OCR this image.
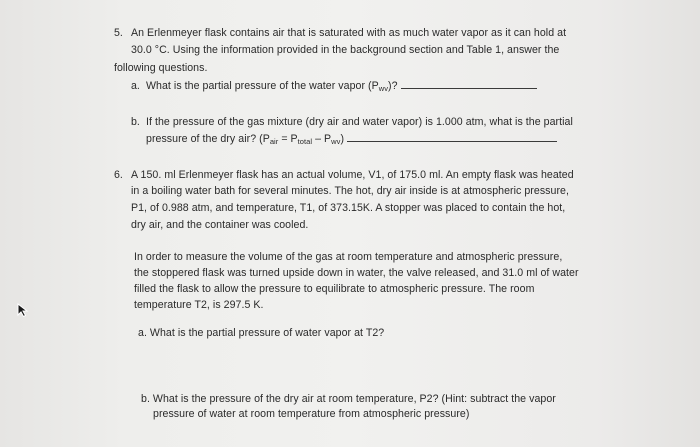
5. An Erlenmeyer flask contains air that is saturated with as much water vapor as it can hold at
30.0 °C. Using the information provided in the background section and Table 1, answer the
following questions.
a. What is the partial pressure of the water vapor $(P_{wv})$?
b. If the pressure of the gas mixture (dry air and water vapor) is 1.000 atm, what is the partial
pressure of the dry air? $(P_{air} = P_{total} - P_{wv})$
6. A 150. ml Erlenmeyer flask has an actual volume, V1, of 175.0 ml. An empty flask was heated
in a boiling water bath for several minutes. The hot, dry air inside is at atmospheric pressure,
P1, of 0.988 atm, and temperature, T1, of 373.15K. A stopper was placed to contain the hot,
dry air, and the container was cooled.
In order to measure the volume of the gas at room temperature and atmospheric pressure,
the stoppered flask was turned upside down in water, the valve released, and 31.0 ml of water
filled the flask to allow the pressure to equilibrate to atmospheric pressure. The room
temperature T2, is 297.5 K.
a. What is the partial pressure of water vapor at T2?
b. What is the pressure of the dry air at room temperature, P2? (Hint: subtract the vapor
pressure of water at room temperature from atmospheric pressure)
